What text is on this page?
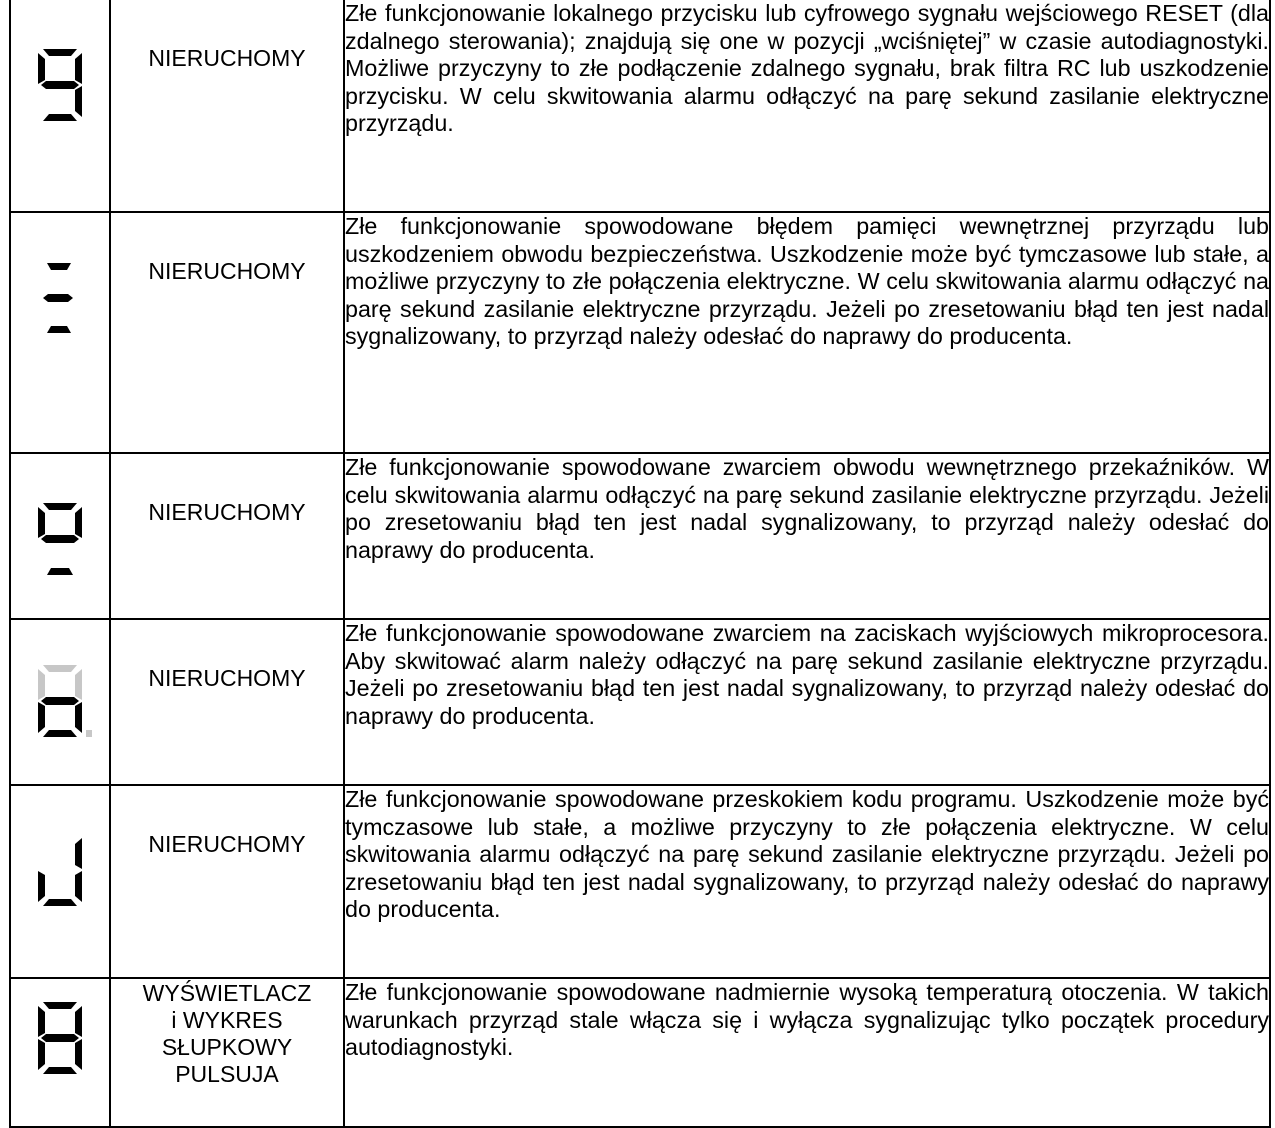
NIERUCHOMY	Złe funkcjonowanie lokalnego przycisku lub cyfrowego sygnału wejściowego RESET (dla zdalnego sterowania); znajdują się one w pozycji „wciśniętej” w czasie autodiagnostyki. Możliwe przyczyny to złe podłączenie zdalnego sygnału, brak filtra RC lub uszkodzenie przycisku. W celu skwitowania alarmu odłączyć na parę sekund zasilanie elektryczne przyrządu.

NIERUCHOMY	Złe funkcjonowanie spowodowane błędem pamięci wewnętrznej przyrządu lub uszkodzeniem obwodu bezpieczeństwa. Uszkodzenie może być tymczasowe lub stałe, a możliwe przyczyny to złe połączenia elektryczne. W celu skwitowania alarmu odłączyć na parę sekund zasilanie elektryczne przyrządu. Jeżeli po zresetowaniu błąd ten jest nadal sygnalizowany, to przyrząd należy odesłać do naprawy do producenta.

NIERUCHOMY	Złe funkcjonowanie spowodowane zwarciem obwodu wewnętrznego przekaźników. W celu skwitowania alarmu odłączyć na parę sekund zasilanie elektryczne przyrządu. Jeżeli po zresetowaniu błąd ten jest nadal sygnalizowany, to przyrząd należy odesłać do naprawy do producenta.

NIERUCHOMY	Złe funkcjonowanie spowodowane zwarciem na zaciskach wyjściowych mikroprocesora. Aby skwitować alarm należy odłączyć na parę sekund zasilanie elektryczne przyrządu. Jeżeli po zresetowaniu błąd ten jest nadal sygnalizowany, to przyrząd należy odesłać do naprawy do producenta.

NIERUCHOMY	Złe funkcjonowanie spowodowane przeskokiem kodu programu. Uszkodzenie może być tymczasowe lub stałe, a możliwe przyczyny to złe połączenia elektryczne. W celu skwitowania alarmu odłączyć na parę sekund zasilanie elektryczne przyrządu. Jeżeli po zresetowaniu błąd ten jest nadal sygnalizowany, to przyrząd należy odesłać do naprawy do producenta.

WYŚWIETLACZ
i WYKRES
SŁUPKOWY
PULSUJA	Złe funkcjonowanie spowodowane nadmiernie wysoką temperaturą otoczenia. W takich warunkach przyrząd stale włącza się i wyłącza sygnalizując tylko początek procedury autodiagnostyki.
